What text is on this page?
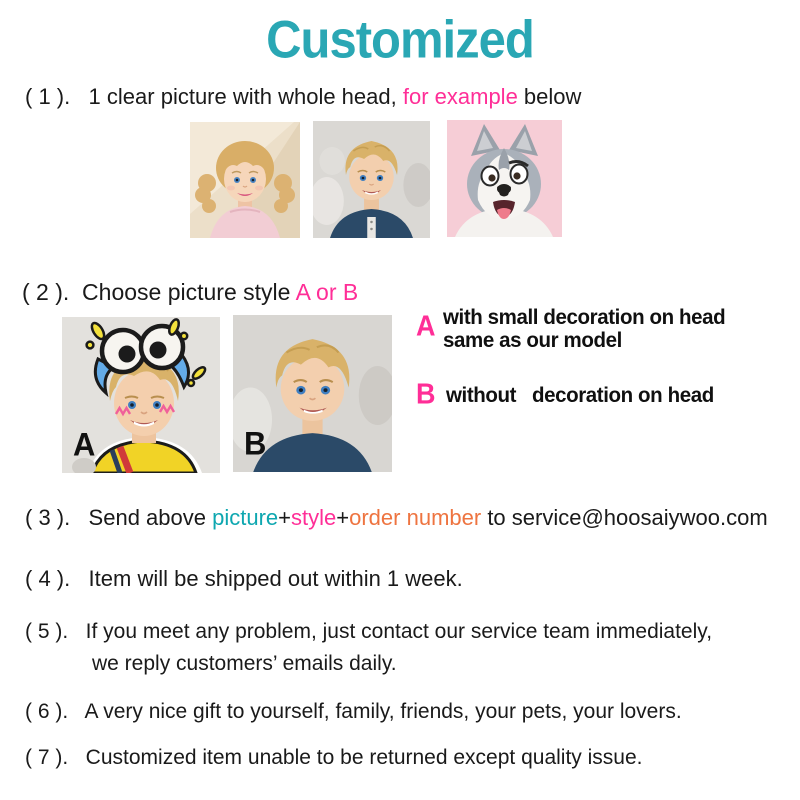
Customized
( 1 ).   1 clear picture with whole head, for example below
( 2 ).  Choose picture style A or B
A	B
A with small decoration on head
same as our model
B without   decoration on head
( 3 ).   Send above picture+style+order number to service@hoosaiywoo.com
( 4 ).   Item will be shipped out within 1 week.
( 5 ).   If you meet any problem, just contact our service team immediately,
we reply customers’ emails daily.
( 6 ).   A very nice gift to yourself, family, friends, your pets, your lovers.
( 7 ).   Customized item unable to be returned except quality issue.
